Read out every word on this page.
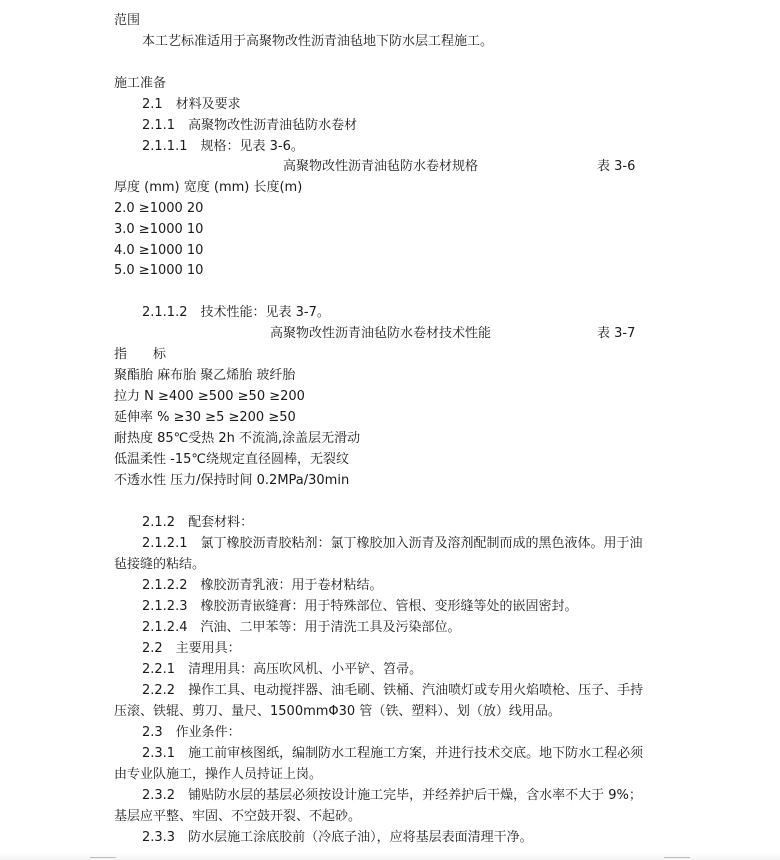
范围
本工艺标准适用于高聚物改性沥青油毡地下防水层工程施工。
施工准备
2.1　材料及要求
2.1.1　高聚物改性沥青油毡防水卷材
2.1.1.1　规格：见表 3-6。
高聚物改性沥青油毡防水卷材规格	表 3-6
厚度 (mm) 宽度 (mm) 长度(m)
2.0 ≥1000 20
3.0 ≥1000 10
4.0 ≥1000 10
5.0 ≥1000 10
2.1.1.2　技术性能：见表 3-7。
高聚物改性沥青油毡防水卷材技术性能	表 3-7
指　　标
聚酯胎 麻布胎 聚乙烯胎 玻纤胎
拉力 N ≥400 ≥500 ≥50 ≥200
延伸率 % ≥30 ≥5 ≥200 ≥50
耐热度 85℃受热 2h 不流淌,涂盖层无滑动
低温柔性 -15℃绕规定直径圆棒，无裂纹
不透水性 压力/保持时间 0.2MPa/30min
2.1.2　配套材料：
2.1.2.1　氯丁橡胶沥青胶粘剂：氯丁橡胶加入沥青及溶剂配制而成的黑色液体。用于油
毡接缝的粘结。
2.1.2.2　橡胶沥青乳液：用于卷材粘结。
2.1.2.3　橡胶沥青嵌缝膏：用于特殊部位、管根、变形缝等处的嵌固密封。
2.1.2.4　汽油、二甲苯等：用于清洗工具及污染部位。
2.2　主要用具：
2.2.1　清理用具：高压吹风机、小平铲、笤帚。
2.2.2　操作工具、电动搅拌器、油毛刷、铁桶、汽油喷灯或专用火焰喷枪、压子、手持
压滚、铁辊、剪刀、量尺、1500mmΦ30 管（铁、塑料）、划（放）线用品。
2.3　作业条件：
2.3.1　施工前审核图纸，编制防水工程施工方案，并进行技术交底。地下防水工程必须
由专业队施工，操作人员持证上岗。
2.3.2　铺贴防水层的基层必须按设计施工完毕，并经养护后干燥，含水率不大于 9%；
基层应平整、牢固、不空鼓开裂、不起砂。
2.3.3　防水层施工涂底胶前（冷底子油），应将基层表面清理干净。
